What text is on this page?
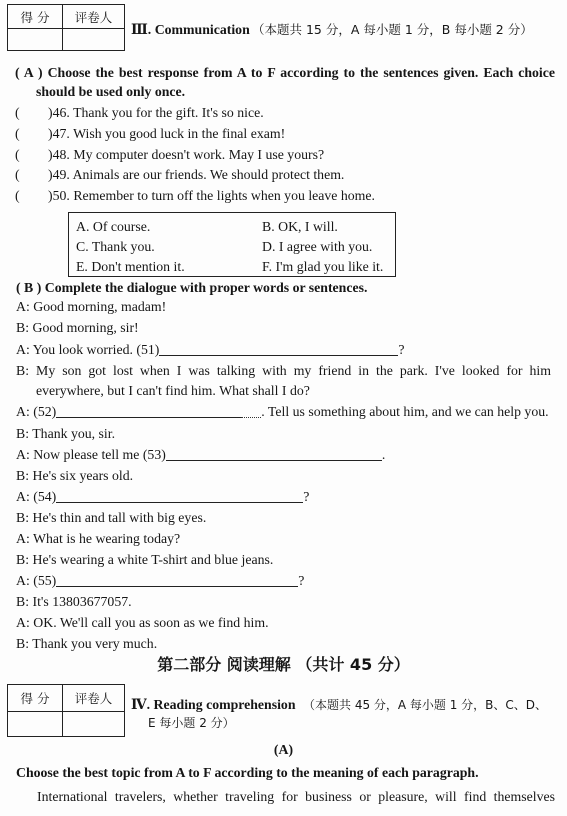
得 分	评卷人
Ⅲ. Communication （本题共 15 分，A 每小题 1 分，B 每小题 2 分）
( A ) Choose the best response from A to F according to the sentences given. Each choice should be used only once.
( )46. Thank you for the gift. It's so nice.
( )47. Wish you good luck in the final exam!
( )48. My computer doesn't work. May I use yours?
( )49. Animals are our friends. We should protect them.
( )50. Remember to turn off the lights when you leave home.
A. Of course.	B. OK, I will.
C. Thank you.	D. I agree with you.
E. Don't mention it.	F. I'm glad you like it.
( B ) Complete the dialogue with proper words or sentences.
A: Good morning, madam!
B: Good morning, sir!
A: You look worried. (51)	?
B: My son got lost when I was talking with my friend in the park. I've looked for him everywhere, but I can't find him. What shall I do?
A: (52)	. Tell us something about him, and we can help you.
B: Thank you, sir.
A: Now please tell me (53)	.
B: He's six years old.
A: (54)	?
B: He's thin and tall with big eyes.
A: What is he wearing today?
B: He's wearing a white T-shirt and blue jeans.
A: (55)	?
B: It's 13803677057.
A: OK. We'll call you as soon as we find him.
B: Thank you very much.
第二部分 阅读理解 （共计 45 分）
得 分	评卷人	Ⅳ. Reading comprehension （本题共 45 分，A 每小题 1 分，B、C、D、
E 每小题 2 分）
(A)
Choose the best topic from A to F according to the meaning of each paragraph.
International travelers, whether traveling for business or pleasure, will find themselves
